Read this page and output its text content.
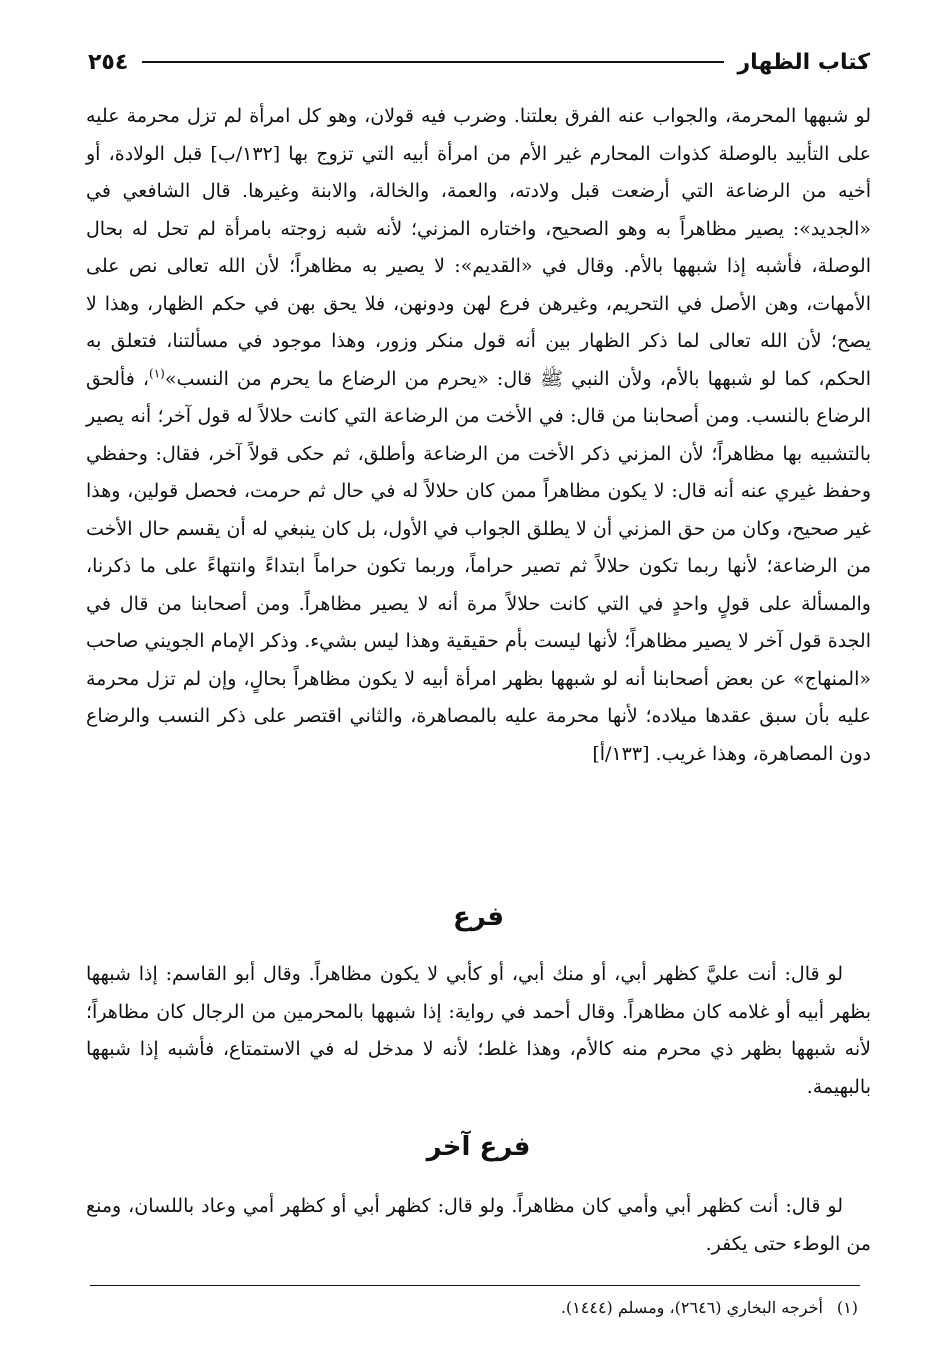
كتاب الظهار
٢٥٤

لو شبهها المحرمة، والجواب عنه الفرق بعلتنا. وضرب فيه قولان، وهو كل امرأة لم تزل محرمة عليه على التأبيد بالوصلة كذوات المحارم غير الأم من امرأة أبيه التي تزوج بها [١٣٢/ب] قبل الولادة، أو أخيه من الرضاعة التي أرضعت قبل ولادته، والعمة، والخالة، والابنة وغيرها. قال الشافعي في «الجديد»: يصير مظاهراً به وهو الصحيح، واختاره المزني؛ لأنه شبه زوجته بامرأة لم تحل له بحال الوصلة، فأشبه إذا شبهها بالأم. وقال في «القديم»: لا يصير به مظاهراً؛ لأن الله تعالى نص على الأمهات، وهن الأصل في التحريم، وغيرهن فرع لهن ودونهن، فلا يحق بهن في حكم الظهار، وهذا لا يصح؛ لأن الله تعالى لما ذكر الظهار بين أنه قول منكر وزور، وهذا موجود في مسألتنا، فتعلق به الحكم، كما لو شبهها بالأم، ولأن النبي ﷺ قال: «يحرم من الرضاع ما يحرم من النسب»$^{(١)}$، فألحق الرضاع بالنسب. ومن أصحابنا من قال: في الأخت من الرضاعة التي كانت حلالاً له قول آخر؛ أنه يصير بالتشبيه بها مظاهراً؛ لأن المزني ذكر الأخت من الرضاعة وأطلق، ثم حكى قولاً آخر، فقال: وحفظي وحفظ غيري عنه أنه قال: لا يكون مظاهراً ممن كان حلالاً له في حال ثم حرمت، فحصل قولين، وهذا غير صحيح، وكان من حق المزني أن لا يطلق الجواب في الأول، بل كان ينبغي له أن يقسم حال الأخت من الرضاعة؛ لأنها ربما تكون حلالاً ثم تصير حراماً، وربما تكون حراماً ابتداءً وانتهاءً على ما ذكرنا، والمسألة على قولٍ واحدٍ في التي كانت حلالاً مرة أنه لا يصير مظاهراً. ومن أصحابنا من قال في الجدة قول آخر لا يصير مظاهراً؛ لأنها ليست بأم حقيقية وهذا ليس بشيء. وذكر الإمام الجويني صاحب «المنهاج» عن بعض أصحابنا أنه لو شبهها بظهر امرأة أبيه لا يكون مظاهراً بحالٍ، وإن لم تزل محرمة عليه بأن سبق عقدها ميلاده؛ لأنها محرمة عليه بالمصاهرة، والثاني اقتصر على ذكر النسب والرضاع دون المصاهرة، وهذا غريب. [١٣٣/أ]

فرع

لو قال: أنت عليَّ كظهر أبي، أو منك أبي، أو كأبي لا يكون مظاهراً. وقال أبو القاسم: إذا شبهها بظهر أبيه أو غلامه كان مظاهراً. وقال أحمد في رواية: إذا شبهها بالمحرمين من الرجال كان مظاهراً؛ لأنه شبهها بظهر ذي محرم منه كالأم، وهذا غلط؛ لأنه لا مدخل له في الاستمتاع، فأشبه إذا شبهها بالبهيمة.

فرع آخر

لو قال: أنت كظهر أبي وأمي كان مظاهراً. ولو قال: كظهر أبي أو كظهر أمي وعاد باللسان، ومنع من الوطء حتى يكفر.

(١)أخرجه البخاري (٢٦٤٦)، ومسلم (١٤٤٤).
